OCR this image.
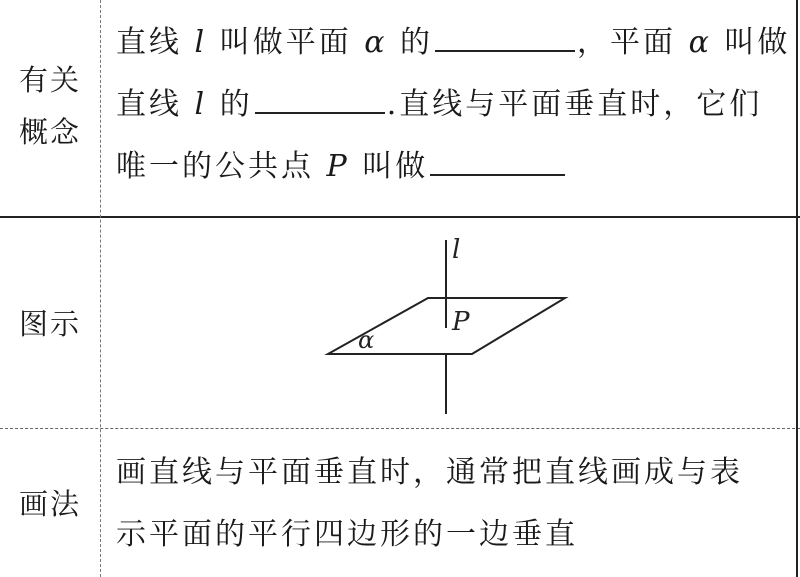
有关
概念
直线 l 叫做平面 α 的	，平面 α 叫做
直线 l 的	.直线与平面垂直时，它们
唯一的公共点 P 叫做
图示
l
P
α
画法
画直线与平面垂直时，通常把直线画成与表
示平面的平行四边形的一边垂直
